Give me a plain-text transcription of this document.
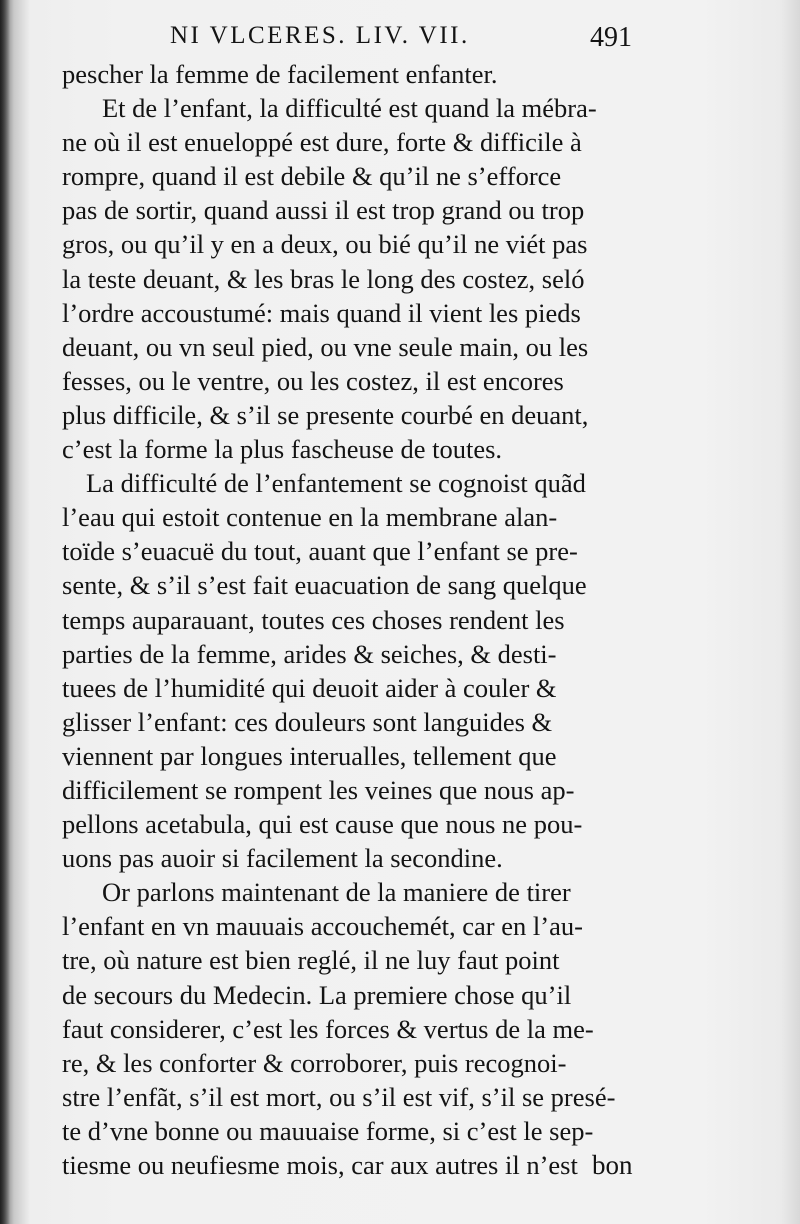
NI VLCERES. LIV. VII.	491
pescher la femme de facilement enfanter.
Et de l’enfant, la difficulté est quand la mébra-
ne où il est enueloppé est dure, forte & difficile à
rompre, quand il est debile & qu’il ne s’efforce
pas de sortir, quand aussi il est trop grand ou trop
gros, ou qu’il y en a deux, ou bié qu’il ne viét pas
la teste deuant, & les bras le long des costez, seló
l’ordre accoustumé: mais quand il vient les pieds
deuant, ou vn seul pied, ou vne seule main, ou les
fesses, ou le ventre, ou les costez, il est encores
plus difficile, & s’il se presente courbé en deuant,
c’est la forme la plus fascheuse de toutes.
La difficulté de l’enfantement se cognoist quãd
l’eau qui estoit contenue en la membrane alan-
toïde s’euacuë du tout, auant que l’enfant se pre-
sente, & s’il s’est fait euacuation de sang quelque
temps auparauant, toutes ces choses rendent les
parties de la femme, arides & seiches, & desti-
tuees de l’humidité qui deuoit aider à couler &
glisser l’enfant: ces douleurs sont languides &
viennent par longues interualles, tellement que
difficilement se rompent les veines que nous ap-
pellons acetabula, qui est cause que nous ne pou-
uons pas auoir si facilement la secondine.
Or parlons maintenant de la maniere de tirer
l’enfant en vn mauuais accouchemét, car en l’au-
tre, où nature est bien reglé, il ne luy faut point
de secours du Medecin. La premiere chose qu’il
faut considerer, c’est les forces & vertus de la me-
re, & les conforter & corroborer, puis recognoi-
stre l’enfãt, s’il est mort, ou s’il est vif, s’il se presé-
te d’vne bonne ou mauuaise forme, si c’est le sep-
tiesme ou neufiesme mois, car aux autres il n’est bon
